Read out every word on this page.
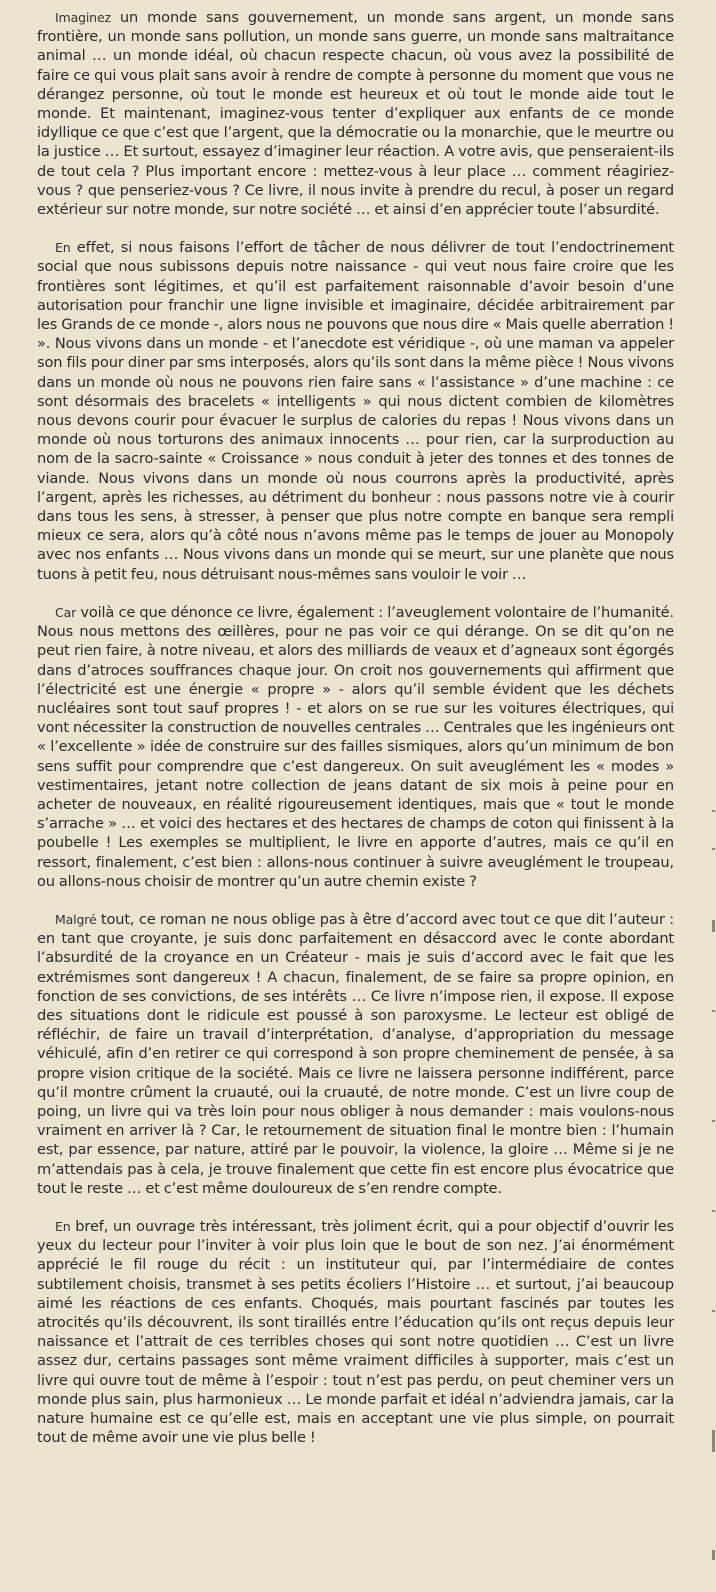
Imaginez un monde sans gouvernement, un monde sans argent, un monde sans frontière, un monde sans pollution, un monde sans guerre, un monde sans maltraitance animal … un monde idéal, où chacun respecte chacun, où vous avez la possibilité de faire ce qui vous plait sans avoir à rendre de compte à personne du moment que vous ne dérangez personne, où tout le monde est heureux et où tout le monde aide tout le monde. Et maintenant, imaginez-vous tenter d’expliquer aux enfants de ce monde idyllique ce que c’est que l’argent, que la démocratie ou la monarchie, que le meurtre ou la justice … Et surtout, essayez d’imaginer leur réaction. A votre avis, que penseraient-ils de tout cela ? Plus important encore : mettez-vous à leur place … comment réagiriez-vous ? que penseriez-vous ? Ce livre, il nous invite à prendre du recul, à poser un regard extérieur sur notre monde, sur notre société … et ainsi d’en apprécier toute l’absurdité.

En effet, si nous faisons l’effort de tâcher de nous délivrer de tout l’endoctrinement social que nous subissons depuis notre naissance - qui veut nous faire croire que les frontières sont légitimes, et qu’il est parfaitement raisonnable d’avoir besoin d’une autorisation pour franchir une ligne invisible et imaginaire, décidée arbitrairement par les Grands de ce monde -, alors nous ne pouvons que nous dire « Mais quelle aberration ! ». Nous vivons dans un monde - et l’anecdote est véridique -, où une maman va appeler son fils pour diner par sms interposés, alors qu’ils sont dans la même pièce ! Nous vivons dans un monde où nous ne pouvons rien faire sans « l’assistance » d’une machine : ce sont désormais des bracelets « intelligents » qui nous dictent combien de kilomètres nous devons courir pour évacuer le surplus de calories du repas ! Nous vivons dans un monde où nous torturons des animaux innocents … pour rien, car la surproduction au nom de la sacro-sainte « Croissance » nous conduit à jeter des tonnes et des tonnes de viande. Nous vivons dans un monde où nous courrons après la productivité, après l’argent, après les richesses, au détriment du bonheur : nous passons notre vie à courir dans tous les sens, à stresser, à penser que plus notre compte en banque sera rempli mieux ce sera, alors qu’à côté nous n’avons même pas le temps de jouer au Monopoly avec nos enfants … Nous vivons dans un monde qui se meurt, sur une planète que nous tuons à petit feu, nous détruisant nous-mêmes sans vouloir le voir …

Car voilà ce que dénonce ce livre, également : l’aveuglement volontaire de l’humanité. Nous nous mettons des œillères, pour ne pas voir ce qui dérange. On se dit qu’on ne peut rien faire, à notre niveau, et alors des milliards de veaux et d’agneaux sont égorgés dans d’atroces souffrances chaque jour. On croit nos gouvernements qui affirment que l’électricité est une énergie « propre » - alors qu’il semble évident que les déchets nucléaires sont tout sauf propres ! - et alors on se rue sur les voitures électriques, qui vont nécessiter la construction de nouvelles centrales … Centrales que les ingénieurs ont « l’excellente » idée de construire sur des failles sismiques, alors qu’un minimum de bon sens suffit pour comprendre que c’est dangereux. On suit aveuglément les « modes » vestimentaires, jetant notre collection de jeans datant de six mois à peine pour en acheter de nouveaux, en réalité rigoureusement identiques, mais que « tout le monde s’arrache » … et voici des hectares et des hectares de champs de coton qui finissent à la poubelle ! Les exemples se multiplient, le livre en apporte d’autres, mais ce qu’il en ressort, finalement, c’est bien : allons-nous continuer à suivre aveuglément le troupeau, ou allons-nous choisir de montrer qu’un autre chemin existe ?

Malgré tout, ce roman ne nous oblige pas à être d’accord avec tout ce que dit l’auteur : en tant que croyante, je suis donc parfaitement en désaccord avec le conte abordant l’absurdité de la croyance en un Créateur - mais je suis d’accord avec le fait que les extrémismes sont dangereux ! A chacun, finalement, de se faire sa propre opinion, en fonction de ses convictions, de ses intérêts … Ce livre n’impose rien, il expose. Il expose des situations dont le ridicule est poussé à son paroxysme. Le lecteur est obligé de réfléchir, de faire un travail d’interprétation, d’analyse, d’appropriation du message véhiculé, afin d’en retirer ce qui correspond à son propre cheminement de pensée, à sa propre vision critique de la société. Mais ce livre ne laissera personne indifférent, parce qu’il montre crûment la cruauté, oui la cruauté, de notre monde. C’est un livre coup de poing, un livre qui va très loin pour nous obliger à nous demander : mais voulons-nous vraiment en arriver là ? Car, le retournement de situation final le montre bien : l’humain est, par essence, par nature, attiré par le pouvoir, la violence, la gloire … Même si je ne m’attendais pas à cela, je trouve finalement que cette fin est encore plus évocatrice que tout le reste … et c’est même douloureux de s’en rendre compte.

En bref, un ouvrage très intéressant, très joliment écrit, qui a pour objectif d’ouvrir les yeux du lecteur pour l’inviter à voir plus loin que le bout de son nez. J’ai énormément apprécié le fil rouge du récit : un instituteur qui, par l’intermédiaire de contes subtilement choisis, transmet à ses petits écoliers l’Histoire … et surtout, j’ai beaucoup aimé les réactions de ces enfants. Choqués, mais pourtant fascinés par toutes les atrocités qu’ils découvrent, ils sont tiraillés entre l’éducation qu’ils ont reçus depuis leur naissance et l’attrait de ces terribles choses qui sont notre quotidien … C’est un livre assez dur, certains passages sont même vraiment difficiles à supporter, mais c’est un livre qui ouvre tout de même à l’espoir : tout n’est pas perdu, on peut cheminer vers un monde plus sain, plus harmonieux … Le monde parfait et idéal n’adviendra jamais, car la nature humaine est ce qu’elle est, mais en acceptant une vie plus simple, on pourrait tout de même avoir une vie plus belle !
